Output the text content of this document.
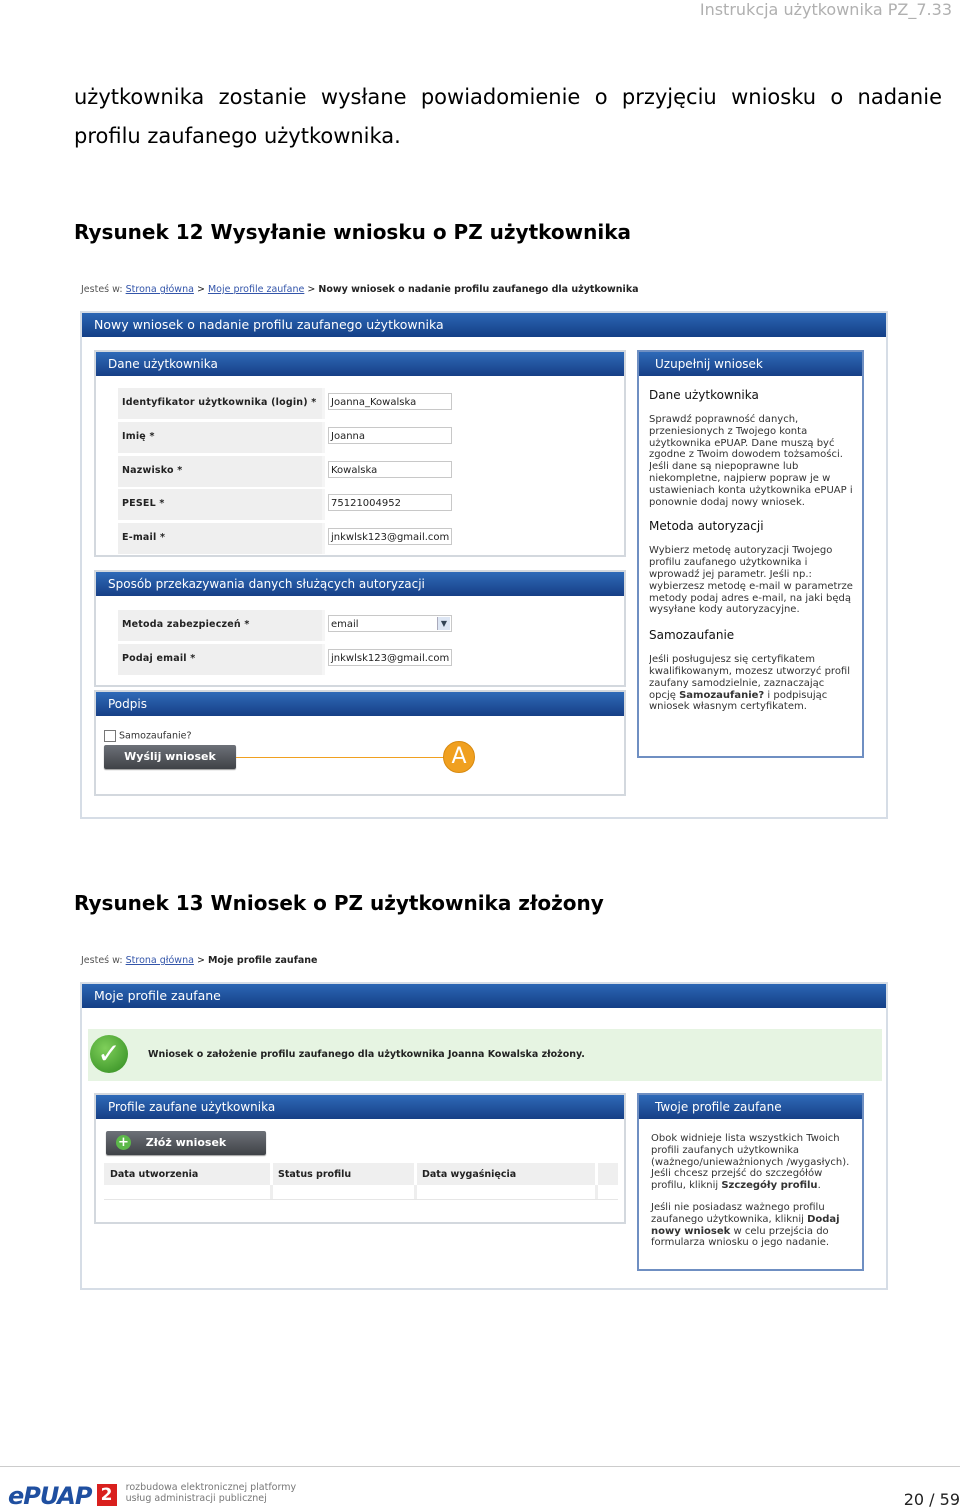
Instrukcja użytkownika PZ_7.33
użytkownika zostanie wysłane powiadomienie o przyjęciu wniosku o nadanie
profilu zaufanego użytkownika.
Rysunek 12 Wysyłanie wniosku o PZ użytkownika
Jesteś w: Strona główna > Moje profile zaufane > Nowy wniosek o nadanie profilu zaufanego dla użytkownika
Nowy wniosek o nadanie profilu zaufanego użytkownika
Dane użytkownika
Identyfikator użytkownika (login) *	Joanna_Kowalska
Imię *	Joanna
Nazwisko *	Kowalska
PESEL *	75121004952
E-mail *	jnkwlsk123@gmail.com
Sposób przekazywania danych służących autoryzacji
Metoda zabezpieczeń *	email	▼
Podaj email *	jnkwlsk123@gmail.com
Podpis
Samozaufanie?
Wyślij wniosek	A
Uzupełnij wniosek
Dane użytkownika

Sprawdź poprawność danych, przeniesionych z Twojego konta użytkownika ePUAP. Dane muszą być zgodne z Twoim dowodem tożsamości. Jeśli dane są niepoprawne lub niekompletne, najpierw popraw je w ustawieniach konta użytkownika ePUAP i ponownie dodaj nowy wniosek.

Metoda autoryzacji

Wybierz metodę autoryzacji Twojego profilu zaufanego użytkownika i wprowadź jej parametr. Jeśli np.: wybierzesz metodę e-mail w parametrze metody podaj adres e-mail, na jaki będą wysyłane kody autoryzacyjne.

Samozaufanie

Jeśli posługujesz się certyfikatem kwalifikowanym, mozesz utworzyć profil zaufany samodzielnie, zaznaczając opcję Samozaufanie? i podpisując wniosek własnym certyfikatem.

Rysunek 13 Wniosek o PZ użytkownika złożony
Jesteś w: Strona główna > Moje profile zaufane
Moje profile zaufane
✓	Wniosek o założenie profilu zaufanego dla użytkownika Joanna Kowalska złożony.
Profile zaufane użytkownika
+ Złóż wniosek
Data utworzenia	Status profilu	Data wygaśnięcia
Twoje profile zaufane

Obok widnieje lista wszystkich Twoich profili zaufanych użytkownika (ważnego/unieważnionych /wygasłych). Jeśli chcesz przejść do szczegółów profilu, kliknij Szczegóły profilu.

Jeśli nie posiadasz ważnego profilu zaufanego użytkownika, kliknij Dodaj nowy wniosek w celu przejścia do formularza wniosku o jego nadanie.

ePUAP 2 rozbudowa elektronicznej platformy
usług administracji publicznej	20 / 59
